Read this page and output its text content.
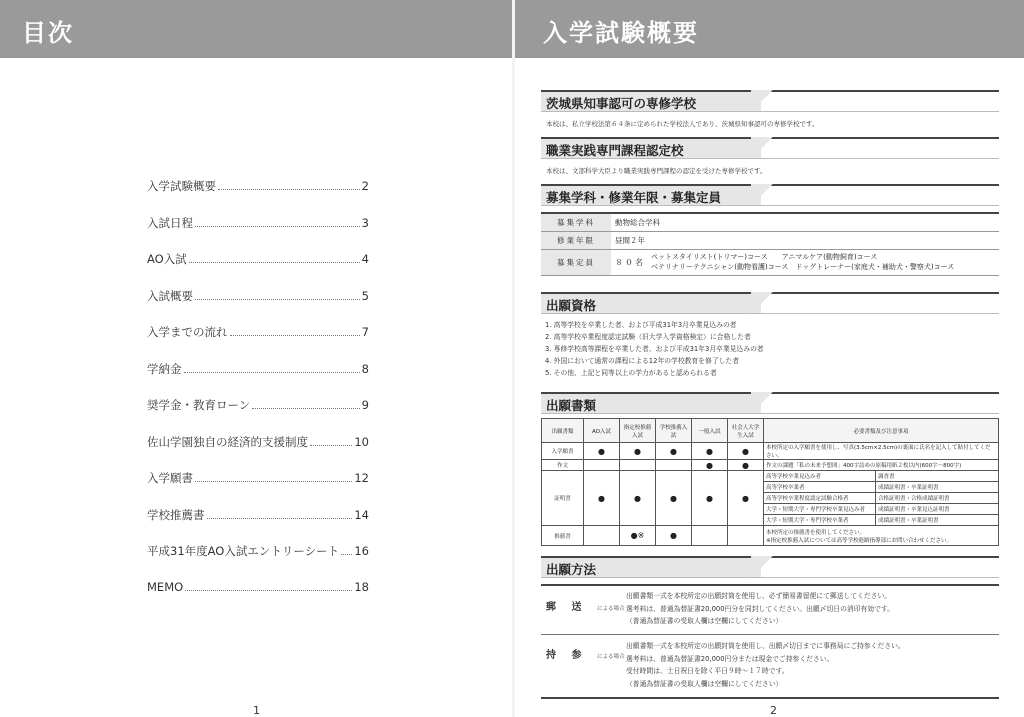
目次	入学試験概要
入学試験概要	2
入試日程	3
AO入試	4
入試概要	5
入学までの流れ	7
学納金	8
奨学金・教育ローン	9
佐山学園独自の経済的支援制度	10
入学願書	12
学校推薦書	14
平成31年度AO入試エントリーシート 16
MEMO	18
1
茨城県知事認可の専修学校
本校は、私立学校法第６４条に定められた学校法人であり、茨城県知事認可の専修学校です。
職業実践専門課程認定校
本校は、文部科学大臣より職業実践専門課程の認定を受けた専修学校です。
募集学科・修業年限・募集定員
募集学科	動物総合学科
修業年限	昼間２年
募集定員	８０名
ペットスタイリスト(トリマー)コース　　アニマルケア(動物飼育)コース
ベテリナリーテクニシャン(動物看護)コース　ドッグトレーナー(家庭犬・補助犬・警察犬)コース
出願資格
1. 高等学校を卒業した者、および平成31年3月卒業見込みの者
2. 高等学校卒業程度認定試験（旧大学入学資格検定）に合格した者
3. 専修学校高等課程を卒業した者、および平成31年3月卒業見込みの者
4. 外国において通常の課程による12年の学校教育を修了した者
5. その他、上記と同等以上の学力があると認められる者
出願書類
出願書類	AO入試	指定校推薦入試	学校推薦入試	一般入試	社会人大学生入試	必要書類及び注意事項	
入学願書	●	●	●	●	●	本校所定の入学願書を使用し、写真(3.5cm×2.5cm)の裏面に氏名を記入して貼付してください。	
作文				●	●	作文の課題「私の未来予想図」400字詰めの原稿用紙２枚以内(600字〜800字)	
証明書	●	●	●	●	●	高等学校卒業見込み者	調査書
						高等学校卒業者	成績証明書・卒業証明書
						高等学校卒業程度認定試験合格者	合格証明書・合格成績証明書
						大学・短期大学・専門学校卒業見込み者	成績証明書・卒業見込証明書
						大学・短期大学・専門学校卒業者	成績証明書・卒業証明書
推薦書		●※	●			本校所定の推薦書を使用してください。
※指定校推薦入試については高等学校進路指導部にお問い合わせください。	
出願方法
郵 送 による場合
出願書類一式を本校所定の出願封筒を使用し、必ず簡易書留便にて郵送してください。
選考料は、普通為替証書20,000円分を同封してください。出願〆切日の消印有効です。
（普通為替証書の受取人欄は空欄にしてください）
持 参 による場合
出願書類一式を本校所定の出願封筒を使用し、出願〆切日までに事務局にご持参ください。
選考料は、普通為替証書20,000円分または現金でご持参ください。
受付時間は、土日祝日を除く平日９時〜１７時です。
（普通為替証書の受取人欄は空欄にしてください）
2
